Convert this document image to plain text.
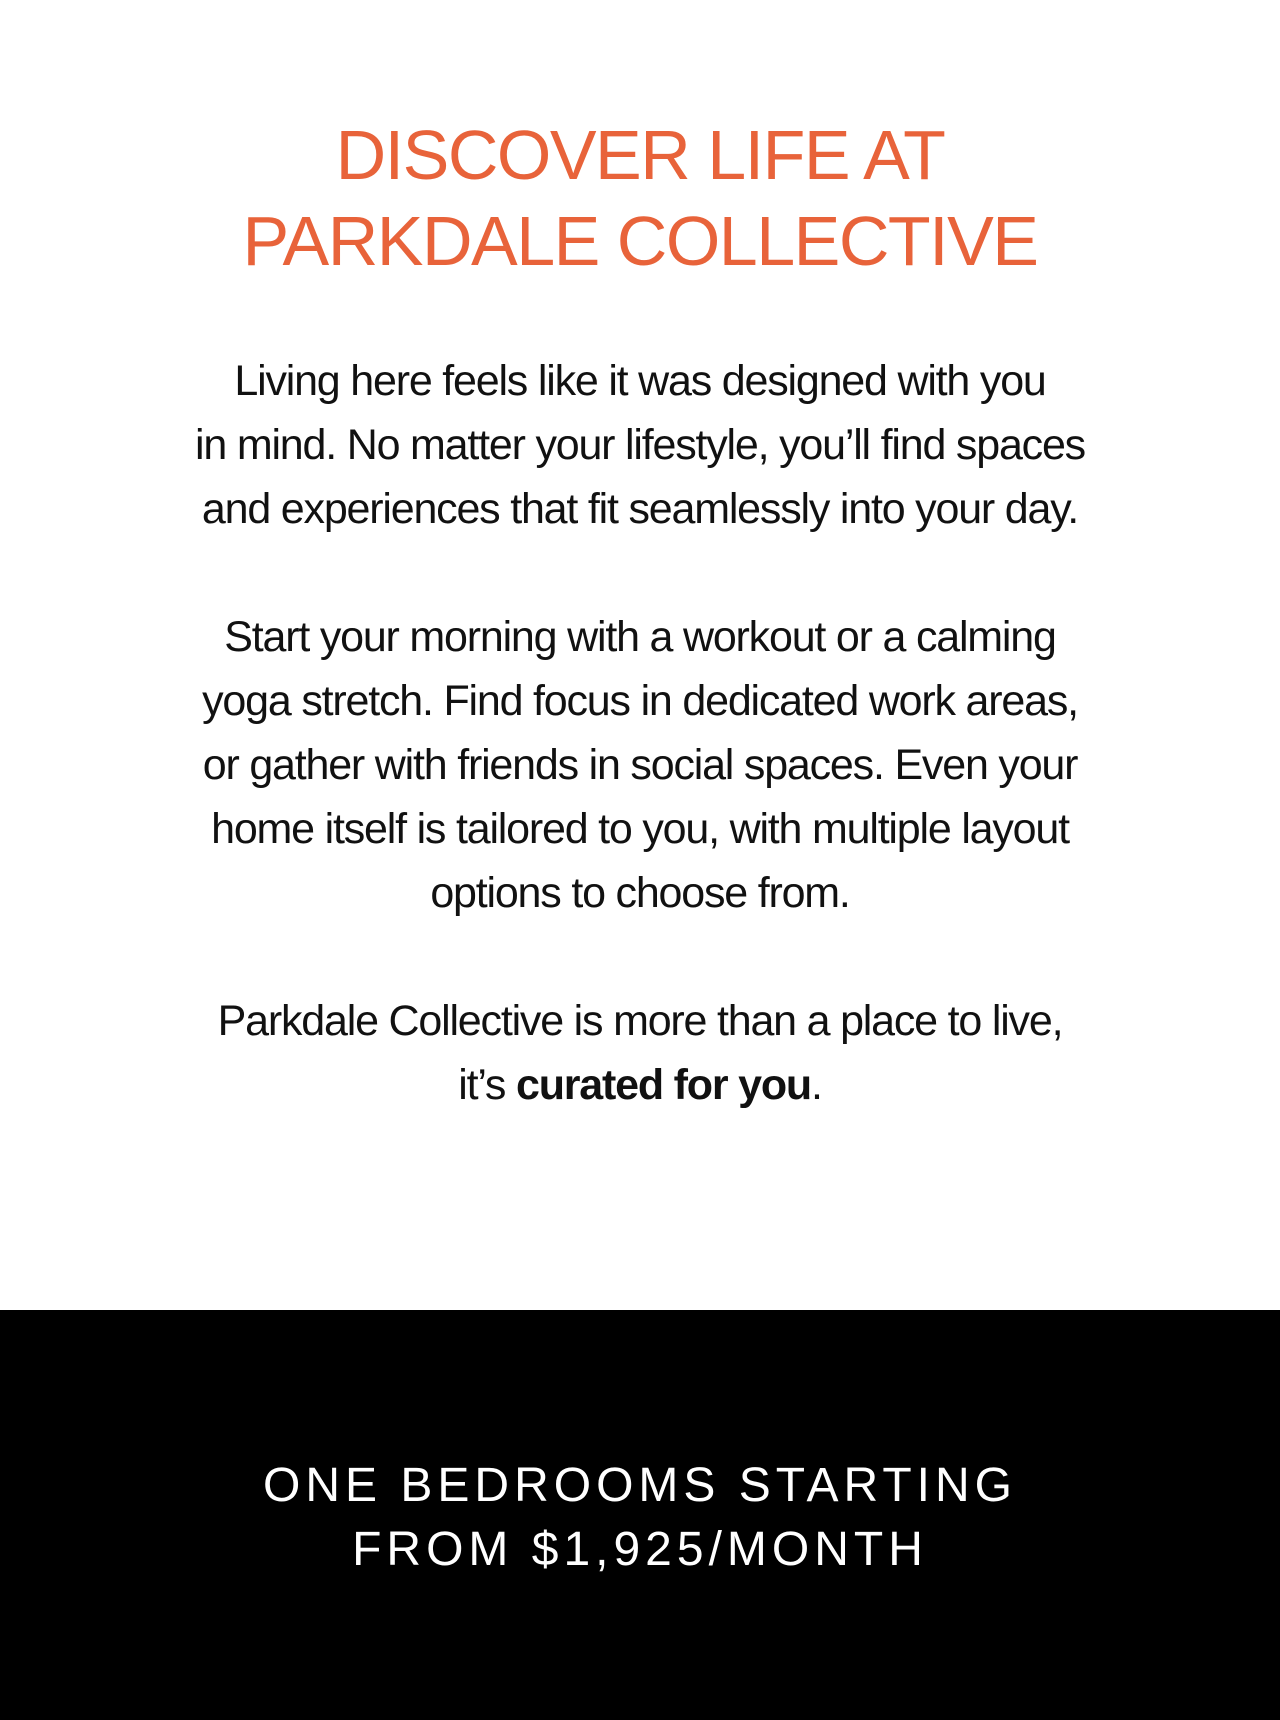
DISCOVER LIFE AT
PARKDALE COLLECTIVE

Living here feels like it was designed with you
in mind. No matter your lifestyle, you’ll find spaces
and experiences that fit seamlessly into your day.

Start your morning with a workout or a calming
yoga stretch. Find focus in dedicated work areas,
or gather with friends in social spaces. Even your
home itself is tailored to you, with multiple layout
options to choose from.

Parkdale Collective is more than a place to live,
it’s curated for you.

ONE BEDROOMS STARTING
FROM $1,925/MONTH
